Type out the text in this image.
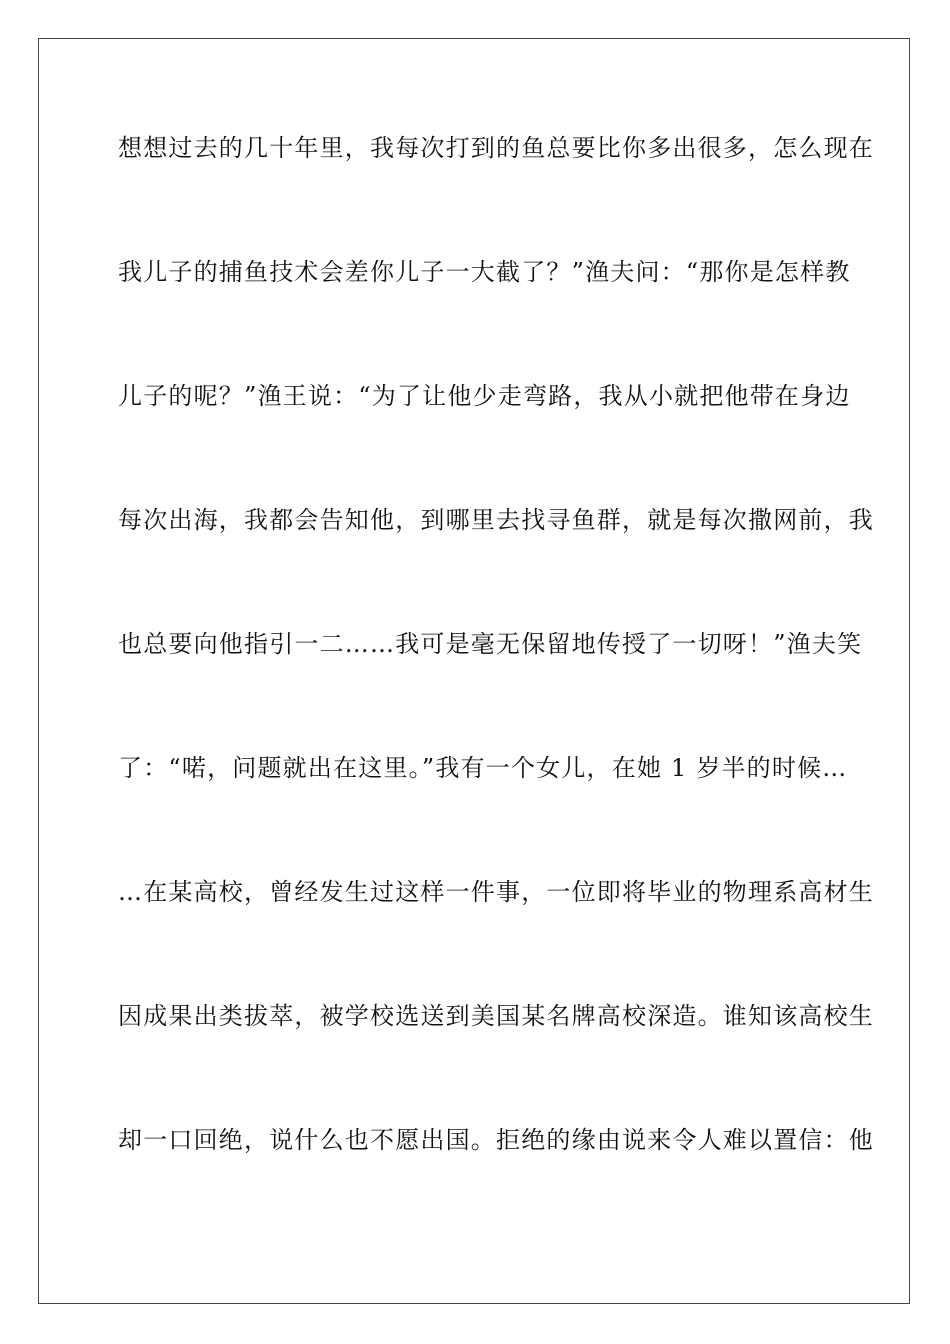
想想过去的几十年里，我每次打到的鱼总要比你多出很多，怎么现在
我儿子的捕鱼技术会差你儿子一大截了？”渔夫问：“那你是怎样教
儿子的呢？”渔王说：“为了让他少走弯路，我从小就把他带在身边
每次出海，我都会告知他，到哪里去找寻鱼群，就是每次撒网前，我
也总要向他指引一二……我可是毫无保留地传授了一切呀！”渔夫笑
了：“喏，问题就出在这里。”我有一个女儿，在她 1 岁半的时候…
…在某高校，曾经发生过这样一件事，一位即将毕业的物理系高材生
因成果出类拔萃，被学校选送到美国某名牌高校深造。谁知该高校生
却一口回绝，说什么也不愿出国。拒绝的缘由说来令人难以置信：他
